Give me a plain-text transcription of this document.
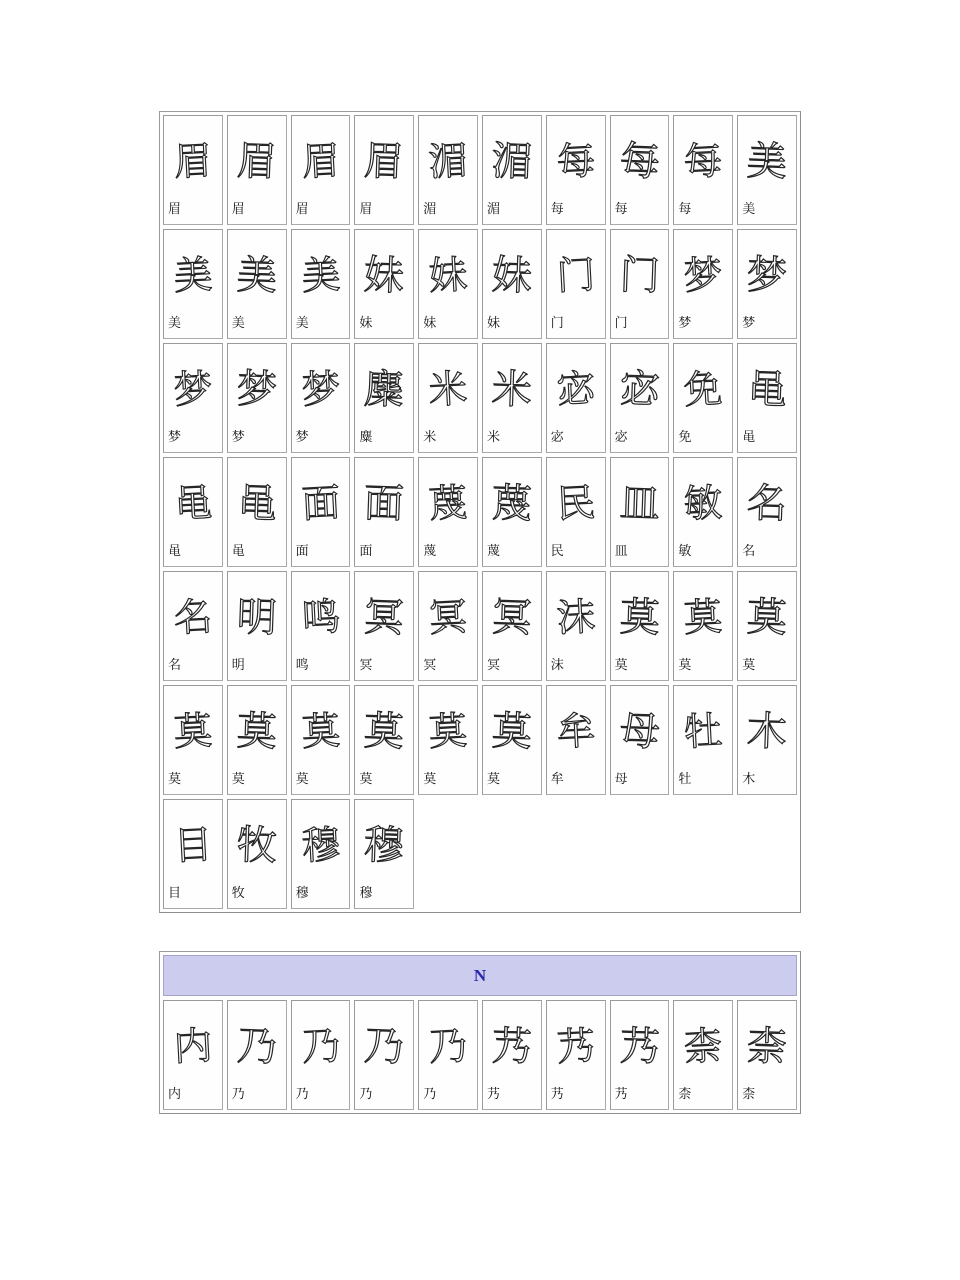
眉
眉
眉
眉
眉
眉
眉
眉
湄
湄
湄
湄
每
每
每
每
每
每
美
美
美
美
美
美
美
美
妹
妹
妹
妹
妹
妹
门
门
门
门
梦
梦
梦
梦
梦
梦
梦
梦
梦
梦
麋
麋
米
米
米
米
宓
宓
宓
宓
免
免
黾
黾
黾
黾
黾
黾
面
面
面
面
蔑
蔑
蔑
蔑
民
民
皿
皿
敏
敏
名
名
名
名
明
明
鸣
鸣
冥
冥
冥
冥
冥
冥
沫
沫
莫
莫
莫
莫
莫
莫
莫
莫
莫
莫
莫
莫
莫
莫
莫
莫
莫
莫
牟
牟
母
母
牡
牡
木
木
目
目
牧
牧
穆
穆
穆
穆
N
内
内
乃
乃
乃
乃
乃
乃
乃
乃
艿
艿
艿
艿
艿
艿
柰
柰
柰
柰
